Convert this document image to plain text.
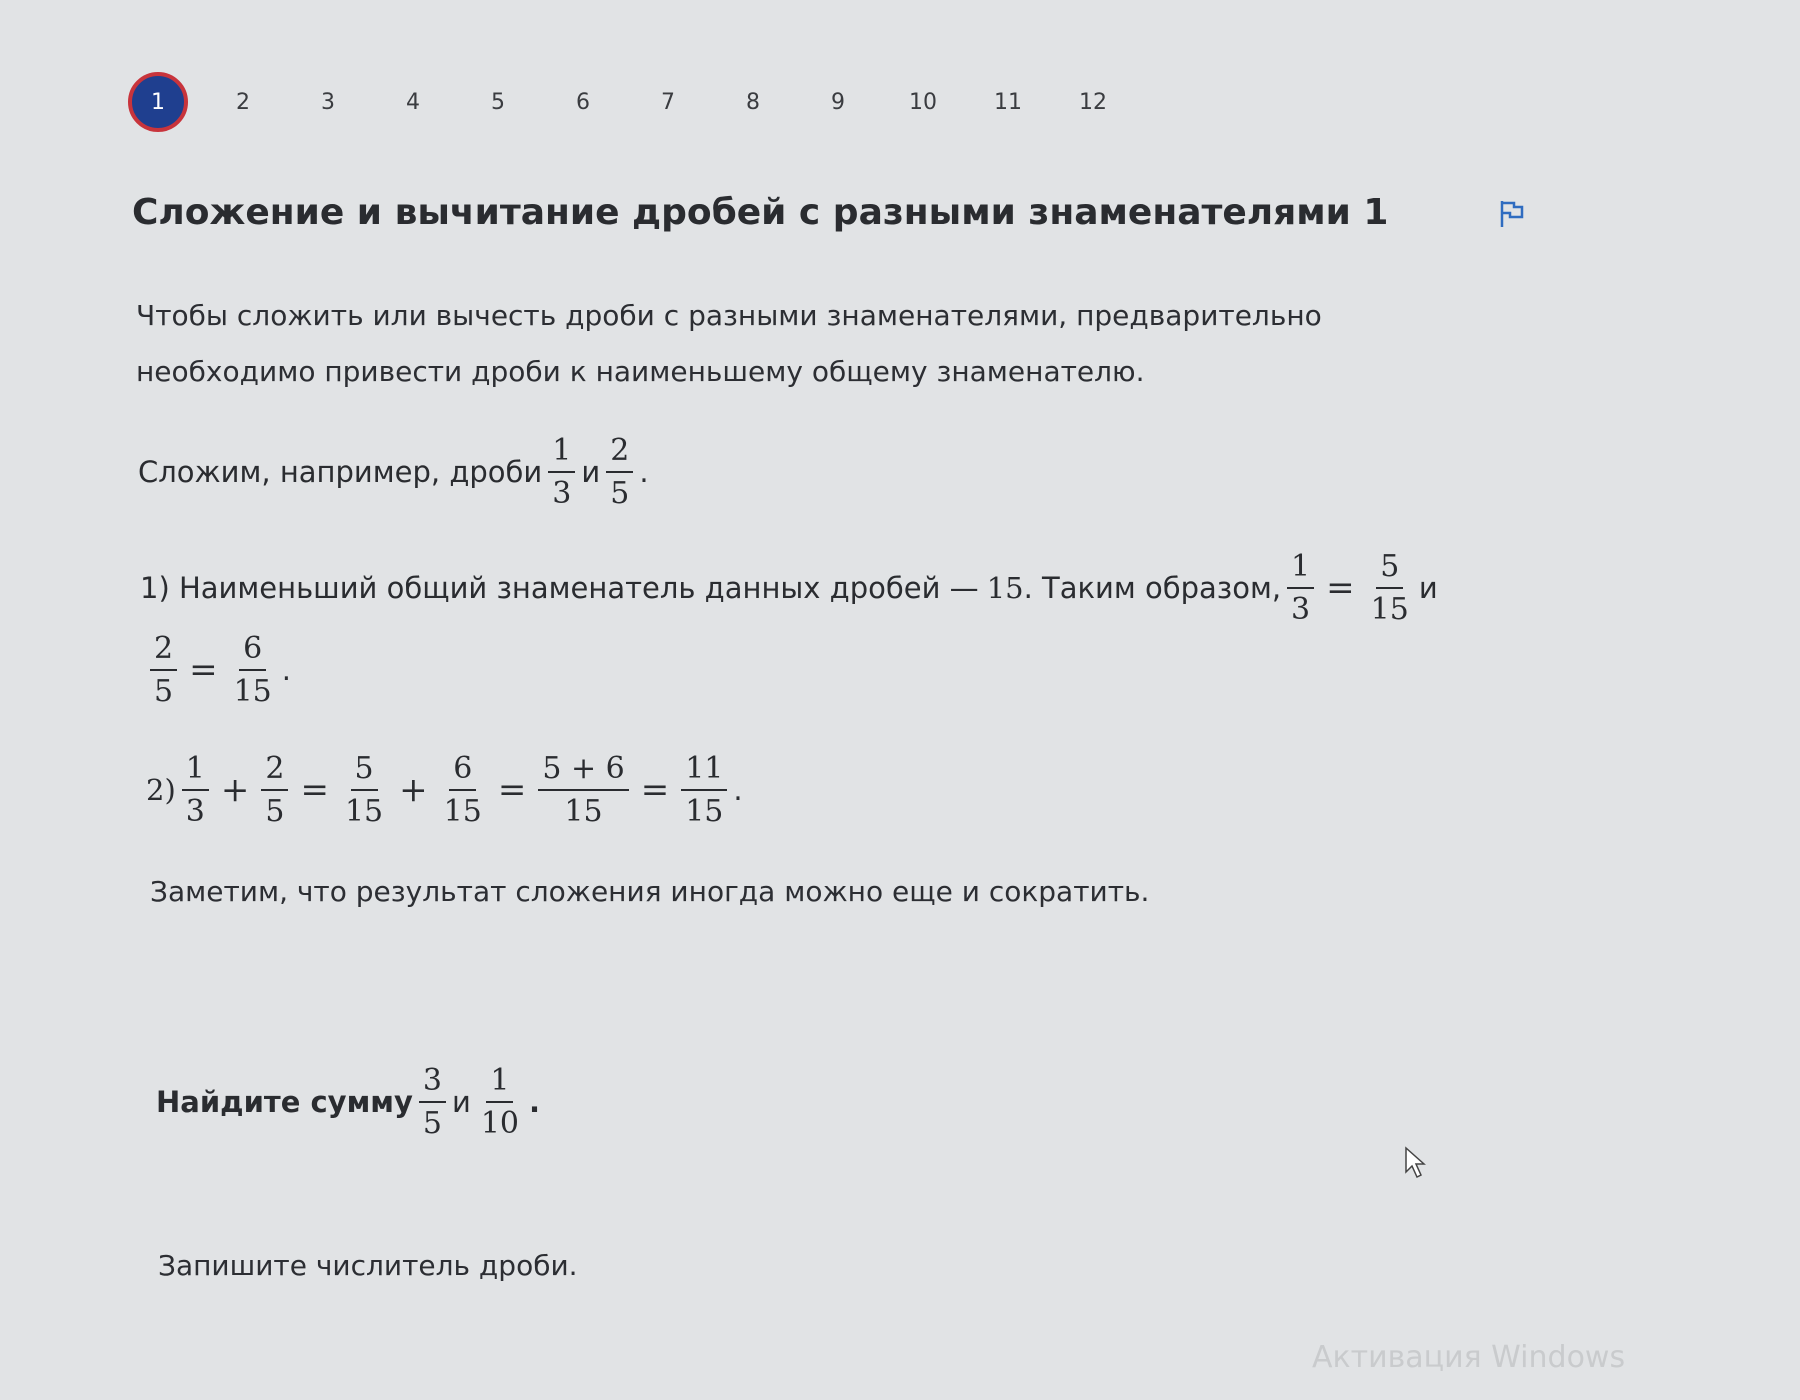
1	2	3	4	5	6	7	8	9	10	11	12
Сложение и вычитание дробей с разными знаменателями 1
Чтобы сложить или вычесть дроби с разными знаменателями, предварительно
необходимо привести дроби к наименьшему общему знаменателю.
Сложим, например, дроби $\frac{1}{3}$ и $\frac{2}{5}$ .
1) Наименьший общий знаменатель данных дробей — 15 . Таким образом, $\frac{1}{3} = \frac{5}{15}$ и
$\frac{2}{5} = \frac{6}{15}$ .
$2) \frac{1}{3} + \frac{2}{5} = \frac{5}{15} + \frac{6}{15} = \frac{5 + 6}{15} = \frac{11}{15}$ .
Заметим, что результат сложения иногда можно еще и сократить.
Найдите сумму $\frac{3}{5}$ и $\frac{1}{10}$ .
Запишите числитель дроби.
Активация Windows
